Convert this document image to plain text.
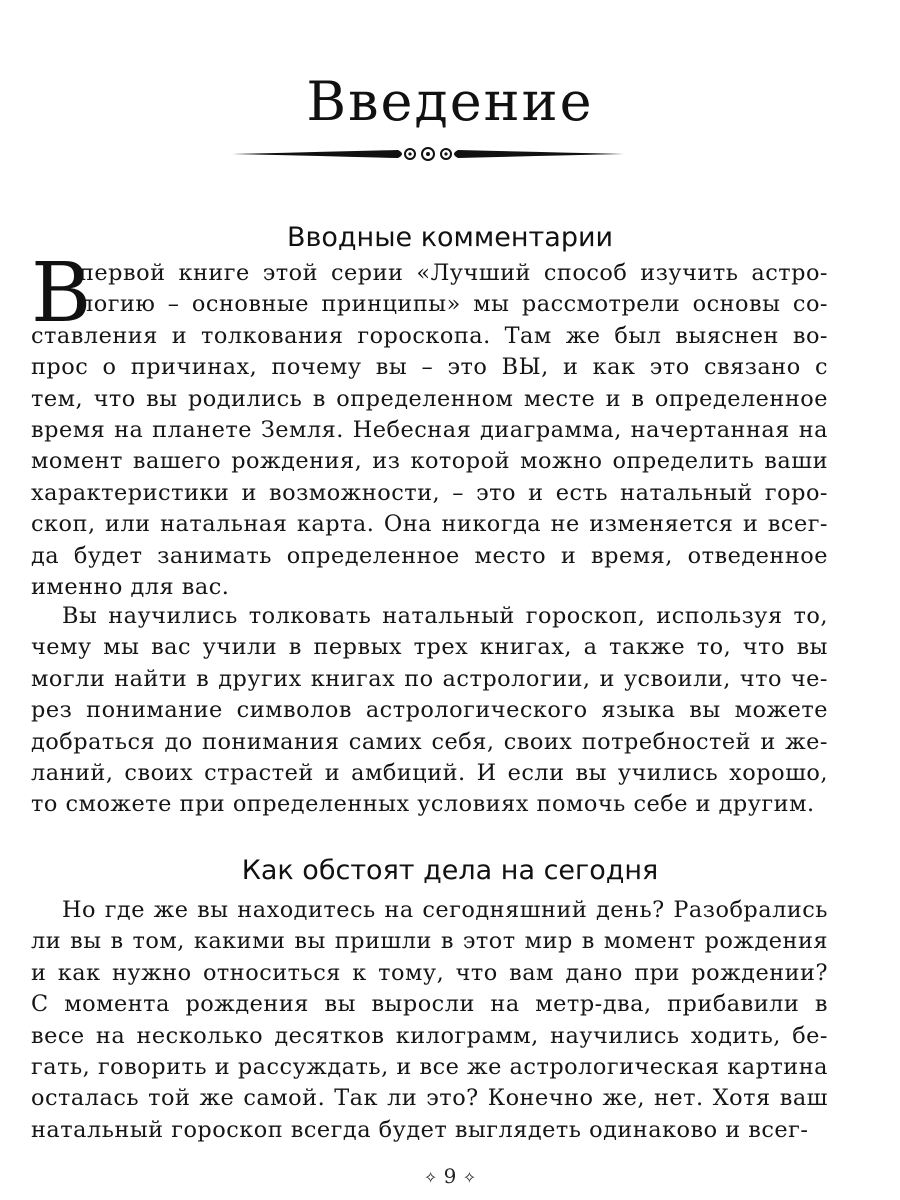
Введение
Вводные комментарии
В
первой книге этой серии «Лучший способ изучить астро-
логию – основные принципы» мы рассмотрели основы со-
ставления и толкования гороскопа. Там же был выяснен во-
прос о причинах, почему вы – это ВЫ, и как это связано с
тем, что вы родились в определенном месте и в определенное
время на планете Земля. Небесная диаграмма, начертанная на
момент вашего рождения, из которой можно определить ваши
характеристики и возможности, – это и есть натальный горо-
скоп, или натальная карта. Она никогда не изменяется и всег-
да будет занимать определенное место и время, отведенное
именно для вас.
Вы научились толковать натальный гороскоп, используя то,
чему мы вас учили в первых трех книгах, а также то, что вы
могли найти в других книгах по астрологии, и усвоили, что че-
рез понимание символов астрологического языка вы можете
добраться до понимания самих себя, своих потребностей и же-
ланий, своих страстей и амбиций. И если вы учились хорошо,
то сможете при определенных условиях помочь себе и другим.
Как обстоят дела на сегодня
Но где же вы находитесь на сегодняшний день? Разобрались
ли вы в том, какими вы пришли в этот мир в момент рождения
и как нужно относиться к тому, что вам дано при рождении?
С момента рождения вы выросли на метр-два, прибавили в
весе на несколько десятков килограмм, научились ходить, бе-
гать, говорить и рассуждать, и все же астрологическая картина
осталась той же самой. Так ли это? Конечно же, нет. Хотя ваш
натальный гороскоп всегда будет выглядеть одинаково и всег-
✧ 9 ✧
